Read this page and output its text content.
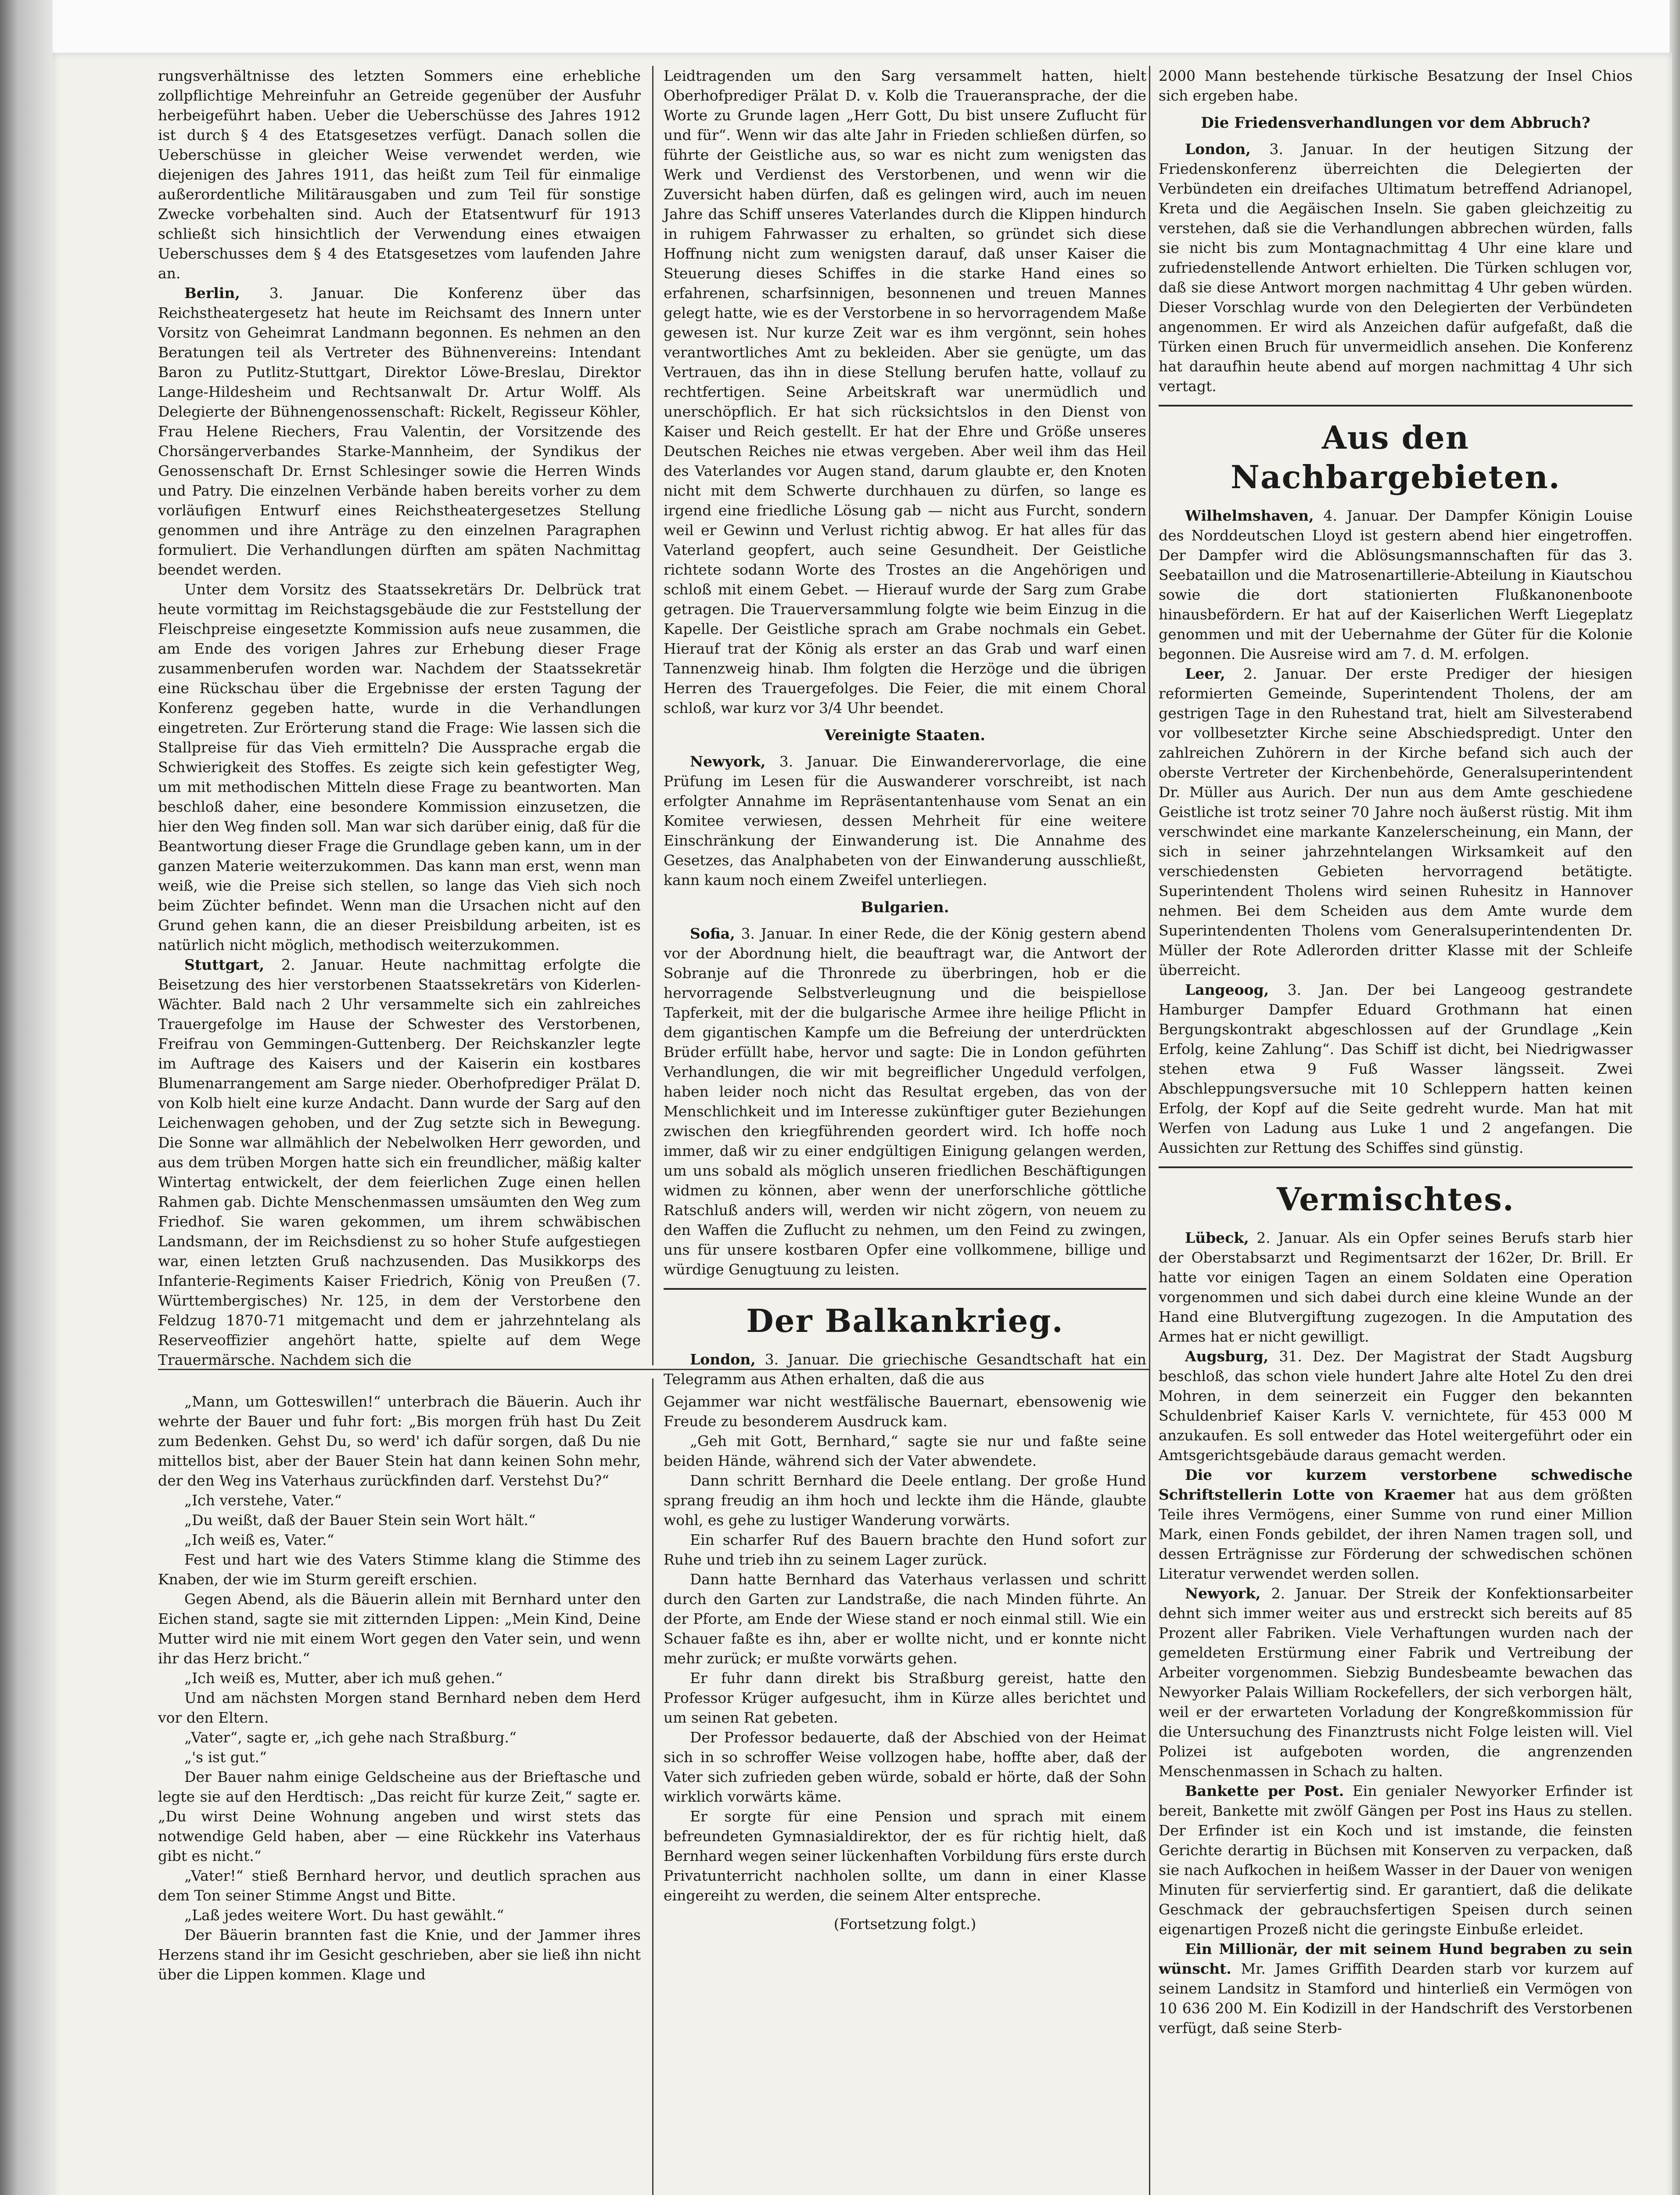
rungsverhältnisse des letzten Sommers eine erhebliche zollpflichtige Mehreinfuhr an Getreide gegenüber der Ausfuhr herbeigeführt haben. Ueber die Ueberschüsse des Jahres 1912 ist durch § 4 des Etatsgesetzes verfügt. Danach sollen die Ueberschüsse in gleicher Weise verwendet werden, wie diejenigen des Jahres 1911, das heißt zum Teil für einmalige außerordentliche Militärausgaben und zum Teil für sonstige Zwecke vorbehalten sind. Auch der Etatsentwurf für 1913 schließt sich hinsichtlich der Verwendung eines etwaigen Ueberschusses dem § 4 des Etatsgesetzes vom laufenden Jahre an.

Berlin, 3. Januar. Die Konferenz über das Reichstheatergesetz hat heute im Reichsamt des Innern unter Vorsitz von Geheimrat Landmann begonnen. Es nehmen an den Beratungen teil als Vertreter des Bühnenvereins: Intendant Baron zu Putlitz-Stuttgart, Direktor Löwe-Breslau, Direktor Lange-Hildesheim und Rechtsanwalt Dr. Artur Wolff. Als Delegierte der Bühnengenossenschaft: Rickelt, Regisseur Köhler, Frau Helene Riechers, Frau Valentin, der Vorsitzende des Chorsängerverbandes Starke-Mannheim, der Syndikus der Genossenschaft Dr. Ernst Schlesinger sowie die Herren Winds und Patry. Die einzelnen Verbände haben bereits vorher zu dem vorläufigen Entwurf eines Reichstheatergesetzes Stellung genommen und ihre Anträge zu den einzelnen Paragraphen formuliert. Die Verhandlungen dürften am späten Nachmittag beendet werden.

Unter dem Vorsitz des Staatssekretärs Dr. Delbrück trat heute vormittag im Reichstagsgebäude die zur Feststellung der Fleischpreise eingesetzte Kommission aufs neue zusammen, die am Ende des vorigen Jahres zur Erhebung dieser Frage zusammenberufen worden war. Nachdem der Staatssekretär eine Rückschau über die Ergebnisse der ersten Tagung der Konferenz gegeben hatte, wurde in die Verhandlungen eingetreten. Zur Erörterung stand die Frage: Wie lassen sich die Stallpreise für das Vieh ermitteln? Die Aussprache ergab die Schwierigkeit des Stoffes. Es zeigte sich kein gefestigter Weg, um mit methodischen Mitteln diese Frage zu beantworten. Man beschloß daher, eine besondere Kommission einzusetzen, die hier den Weg finden soll. Man war sich darüber einig, daß für die Beantwortung dieser Frage die Grundlage geben kann, um in der ganzen Materie weiterzukommen. Das kann man erst, wenn man weiß, wie die Preise sich stellen, so lange das Vieh sich noch beim Züchter befindet. Wenn man die Ursachen nicht auf den Grund gehen kann, die an dieser Preisbildung arbeiten, ist es natürlich nicht möglich, methodisch weiterzukommen.

Stuttgart, 2. Januar. Heute nachmittag erfolgte die Beisetzung des hier verstorbenen Staatssekretärs von Kiderlen-Wächter. Bald nach 2 Uhr versammelte sich ein zahlreiches Trauergefolge im Hause der Schwester des Verstorbenen, Freifrau von Gemmingen-Guttenberg. Der Reichskanzler legte im Auftrage des Kaisers und der Kaiserin ein kostbares Blumenarrangement am Sarge nieder. Oberhofprediger Prälat D. von Kolb hielt eine kurze Andacht. Dann wurde der Sarg auf den Leichenwagen gehoben, und der Zug setzte sich in Bewegung. Die Sonne war allmählich der Nebelwolken Herr geworden, und aus dem trüben Morgen hatte sich ein freundlicher, mäßig kalter Wintertag entwickelt, der dem feierlichen Zuge einen hellen Rahmen gab. Dichte Menschenmassen umsäumten den Weg zum Friedhof. Sie waren gekommen, um ihrem schwäbischen Landsmann, der im Reichsdienst zu so hoher Stufe aufgestiegen war, einen letzten Gruß nachzusenden. Das Musikkorps des Infanterie-Regiments Kaiser Friedrich, König von Preußen (7. Württembergisches) Nr. 125, in dem der Verstorbene den Feldzug 1870-71 mitgemacht und dem er jahrzehntelang als Reserveoffizier angehört hatte, spielte auf dem Wege Trauermärsche. Nachdem sich die

Leidtragenden um den Sarg versammelt hatten, hielt Oberhofprediger Prälat D. v. Kolb die Traueransprache, der die Worte zu Grunde lagen „Herr Gott, Du bist unsere Zuflucht für und für“. Wenn wir das alte Jahr in Frieden schließen dürfen, so führte der Geistliche aus, so war es nicht zum wenigsten das Werk und Verdienst des Verstorbenen, und wenn wir die Zuversicht haben dürfen, daß es gelingen wird, auch im neuen Jahre das Schiff unseres Vaterlandes durch die Klippen hindurch in ruhigem Fahrwasser zu erhalten, so gründet sich diese Hoffnung nicht zum wenigsten darauf, daß unser Kaiser die Steuerung dieses Schiffes in die starke Hand eines so erfahrenen, scharfsinnigen, besonnenen und treuen Mannes gelegt hatte, wie es der Verstorbene in so hervorragendem Maße gewesen ist. Nur kurze Zeit war es ihm vergönnt, sein hohes verantwortliches Amt zu bekleiden. Aber sie genügte, um das Vertrauen, das ihn in diese Stellung berufen hatte, vollauf zu rechtfertigen. Seine Arbeitskraft war unermüdlich und unerschöpflich. Er hat sich rücksichtslos in den Dienst von Kaiser und Reich gestellt. Er hat der Ehre und Größe unseres Deutschen Reiches nie etwas vergeben. Aber weil ihm das Heil des Vaterlandes vor Augen stand, darum glaubte er, den Knoten nicht mit dem Schwerte durchhauen zu dürfen, so lange es irgend eine friedliche Lösung gab — nicht aus Furcht, sondern weil er Gewinn und Verlust richtig abwog. Er hat alles für das Vaterland geopfert, auch seine Gesundheit. Der Geistliche richtete sodann Worte des Trostes an die Angehörigen und schloß mit einem Gebet. — Hierauf wurde der Sarg zum Grabe getragen. Die Trauerversammlung folgte wie beim Einzug in die Kapelle. Der Geistliche sprach am Grabe nochmals ein Gebet. Hierauf trat der König als erster an das Grab und warf einen Tannenzweig hinab. Ihm folgten die Herzöge und die übrigen Herren des Trauergefolges. Die Feier, die mit einem Choral schloß, war kurz vor 3/4 Uhr beendet.

Vereinigte Staaten.

Newyork, 3. Januar. Die Einwanderervorlage, die eine Prüfung im Lesen für die Auswanderer vorschreibt, ist nach erfolgter Annahme im Repräsentantenhause vom Senat an ein Komitee verwiesen, dessen Mehrheit für eine weitere Einschränkung der Einwanderung ist. Die Annahme des Gesetzes, das Analphabeten von der Einwanderung ausschließt, kann kaum noch einem Zweifel unterliegen.

Bulgarien.

Sofia, 3. Januar. In einer Rede, die der König gestern abend vor der Abordnung hielt, die beauftragt war, die Antwort der Sobranje auf die Thronrede zu überbringen, hob er die hervorragende Selbstverleugnung und die beispiellose Tapferkeit, mit der die bulgarische Armee ihre heilige Pflicht in dem gigantischen Kampfe um die Befreiung der unterdrückten Brüder erfüllt habe, hervor und sagte: Die in London geführten Verhandlungen, die wir mit begreiflicher Ungeduld verfolgen, haben leider noch nicht das Resultat ergeben, das von der Menschlichkeit und im Interesse zukünftiger guter Beziehungen zwischen den kriegführenden geordert wird. Ich hoffe noch immer, daß wir zu einer endgültigen Einigung gelangen werden, um uns sobald als möglich unseren friedlichen Beschäftigungen widmen zu können, aber wenn der unerforschliche göttliche Ratschluß anders will, werden wir nicht zögern, von neuem zu den Waffen die Zuflucht zu nehmen, um den Feind zu zwingen, uns für unsere kostbaren Opfer eine vollkommene, billige und würdige Genugtuung zu leisten.

Der Balkankrieg.

London, 3. Januar. Die griechische Gesandtschaft hat ein Telegramm aus Athen erhalten, daß die aus

2000 Mann bestehende türkische Besatzung der Insel Chios sich ergeben habe.

Die Friedensverhandlungen vor dem Abbruch?

London, 3. Januar. In der heutigen Sitzung der Friedenskonferenz überreichten die Delegierten der Verbündeten ein dreifaches Ultimatum betreffend Adrianopel, Kreta und die Aegäischen Inseln. Sie gaben gleichzeitig zu verstehen, daß sie die Verhandlungen abbrechen würden, falls sie nicht bis zum Montagnachmittag 4 Uhr eine klare und zufriedenstellende Antwort erhielten. Die Türken schlugen vor, daß sie diese Antwort morgen nachmittag 4 Uhr geben würden. Dieser Vorschlag wurde von den Delegierten der Verbündeten angenommen. Er wird als Anzeichen dafür aufgefaßt, daß die Türken einen Bruch für unvermeidlich ansehen. Die Konferenz hat daraufhin heute abend auf morgen nachmittag 4 Uhr sich vertagt.

Aus den Nachbargebieten.

Wilhelmshaven, 4. Januar. Der Dampfer Königin Louise des Norddeutschen Lloyd ist gestern abend hier eingetroffen. Der Dampfer wird die Ablösungsmannschaften für das 3. Seebataillon und die Matrosenartillerie-Abteilung in Kiautschou sowie die dort stationierten Flußkanonenboote hinausbefördern. Er hat auf der Kaiserlichen Werft Liegeplatz genommen und mit der Uebernahme der Güter für die Kolonie begonnen. Die Ausreise wird am 7. d. M. erfolgen.

Leer, 2. Januar. Der erste Prediger der hiesigen reformierten Gemeinde, Superintendent Tholens, der am gestrigen Tage in den Ruhestand trat, hielt am Silvesterabend vor vollbesetzter Kirche seine Abschiedspredigt. Unter den zahlreichen Zuhörern in der Kirche befand sich auch der oberste Vertreter der Kirchenbehörde, Generalsuperintendent Dr. Müller aus Aurich. Der nun aus dem Amte geschiedene Geistliche ist trotz seiner 70 Jahre noch äußerst rüstig. Mit ihm verschwindet eine markante Kanzelerscheinung, ein Mann, der sich in seiner jahrzehntelangen Wirksamkeit auf den verschiedensten Gebieten hervorragend betätigte. Superintendent Tholens wird seinen Ruhesitz in Hannover nehmen. Bei dem Scheiden aus dem Amte wurde dem Superintendenten Tholens vom Generalsuperintendenten Dr. Müller der Rote Adlerorden dritter Klasse mit der Schleife überreicht.

Langeoog, 3. Jan. Der bei Langeoog gestrandete Hamburger Dampfer Eduard Grothmann hat einen Bergungskontrakt abgeschlossen auf der Grundlage „Kein Erfolg, keine Zahlung“. Das Schiff ist dicht, bei Niedrigwasser stehen etwa 9 Fuß Wasser längsseit. Zwei Abschleppungsversuche mit 10 Schleppern hatten keinen Erfolg, der Kopf auf die Seite gedreht wurde. Man hat mit Werfen von Ladung aus Luke 1 und 2 angefangen. Die Aussichten zur Rettung des Schiffes sind günstig.

Vermischtes.

Lübeck, 2. Januar. Als ein Opfer seines Berufs starb hier der Oberstabsarzt und Regimentsarzt der 162er, Dr. Brill. Er hatte vor einigen Tagen an einem Soldaten eine Operation vorgenommen und sich dabei durch eine kleine Wunde an der Hand eine Blutvergiftung zugezogen. In die Amputation des Armes hat er nicht gewilligt.

Augsburg, 31. Dez. Der Magistrat der Stadt Augsburg beschloß, das schon viele hundert Jahre alte Hotel Zu den drei Mohren, in dem seinerzeit ein Fugger den bekannten Schuldenbrief Kaiser Karls V. vernichtete, für 453 000 M anzukaufen. Es soll entweder das Hotel weitergeführt oder ein Amtsgerichtsgebäude daraus gemacht werden.

Die vor kurzem verstorbene schwedische Schriftstellerin Lotte von Kraemer hat aus dem größten Teile ihres Vermögens, einer Summe von rund einer Million Mark, einen Fonds gebildet, der ihren Namen tragen soll, und dessen Erträgnisse zur Förderung der schwedischen schönen Literatur verwendet werden sollen.

Newyork, 2. Januar. Der Streik der Konfektionsarbeiter dehnt sich immer weiter aus und erstreckt sich bereits auf 85 Prozent aller Fabriken. Viele Verhaftungen wurden nach der gemeldeten Erstürmung einer Fabrik und Vertreibung der Arbeiter vorgenommen. Siebzig Bundesbeamte bewachen das Newyorker Palais William Rockefellers, der sich verborgen hält, weil er der erwarteten Vorladung der Kongreßkommission für die Untersuchung des Finanztrusts nicht Folge leisten will. Viel Polizei ist aufgeboten worden, die angrenzenden Menschenmassen in Schach zu halten.

Bankette per Post. Ein genialer Newyorker Erfinder ist bereit, Bankette mit zwölf Gängen per Post ins Haus zu stellen. Der Erfinder ist ein Koch und ist imstande, die feinsten Gerichte derartig in Büchsen mit Konserven zu verpacken, daß sie nach Aufkochen in heißem Wasser in der Dauer von wenigen Minuten für servierfertig sind. Er garantiert, daß die delikate Geschmack der gebrauchsfertigen Speisen durch seinen eigenartigen Prozeß nicht die geringste Einbuße erleidet.

Ein Millionär, der mit seinem Hund begraben zu sein wünscht. Mr. James Griffith Dearden starb vor kurzem auf seinem Landsitz in Stamford und hinterließ ein Vermögen von 10 636 200 M. Ein Kodizill in der Handschrift des Verstorbenen verfügt, daß seine Sterb-

„Mann, um Gotteswillen!“ unterbrach die Bäuerin. Auch ihr wehrte der Bauer und fuhr fort: „Bis morgen früh hast Du Zeit zum Bedenken. Gehst Du, so werd' ich dafür sorgen, daß Du nie mittellos bist, aber der Bauer Stein hat dann keinen Sohn mehr, der den Weg ins Vaterhaus zurückfinden darf. Verstehst Du?“

„Ich verstehe, Vater.“

„Du weißt, daß der Bauer Stein sein Wort hält.“

„Ich weiß es, Vater.“

Fest und hart wie des Vaters Stimme klang die Stimme des Knaben, der wie im Sturm gereift erschien.

Gegen Abend, als die Bäuerin allein mit Bernhard unter den Eichen stand, sagte sie mit zitternden Lippen: „Mein Kind, Deine Mutter wird nie mit einem Wort gegen den Vater sein, und wenn ihr das Herz bricht.“

„Ich weiß es, Mutter, aber ich muß gehen.“

Und am nächsten Morgen stand Bernhard neben dem Herd vor den Eltern.

„Vater“, sagte er, „ich gehe nach Straßburg.“

„'s ist gut.“

Der Bauer nahm einige Geldscheine aus der Brieftasche und legte sie auf den Herdtisch: „Das reicht für kurze Zeit,“ sagte er. „Du wirst Deine Wohnung angeben und wirst stets das notwendige Geld haben, aber — eine Rückkehr ins Vaterhaus gibt es nicht.“

„Vater!“ stieß Bernhard hervor, und deutlich sprachen aus dem Ton seiner Stimme Angst und Bitte.

„Laß jedes weitere Wort. Du hast gewählt.“

Der Bäuerin brannten fast die Knie, und der Jammer ihres Herzens stand ihr im Gesicht geschrieben, aber sie ließ ihn nicht über die Lippen kommen. Klage und

Gejammer war nicht westfälische Bauernart, ebensowenig wie Freude zu besonderem Ausdruck kam.

„Geh mit Gott, Bernhard,“ sagte sie nur und faßte seine beiden Hände, während sich der Vater abwendete.

Dann schritt Bernhard die Deele entlang. Der große Hund sprang freudig an ihm hoch und leckte ihm die Hände, glaubte wohl, es gehe zu lustiger Wanderung vorwärts.

Ein scharfer Ruf des Bauern brachte den Hund sofort zur Ruhe und trieb ihn zu seinem Lager zurück.

Dann hatte Bernhard das Vaterhaus verlassen und schritt durch den Garten zur Landstraße, die nach Minden führte. An der Pforte, am Ende der Wiese stand er noch einmal still. Wie ein Schauer faßte es ihn, aber er wollte nicht, und er konnte nicht mehr zurück; er mußte vorwärts gehen.

Er fuhr dann direkt bis Straßburg gereist, hatte den Professor Krüger aufgesucht, ihm in Kürze alles berichtet und um seinen Rat gebeten.

Der Professor bedauerte, daß der Abschied von der Heimat sich in so schroffer Weise vollzogen habe, hoffte aber, daß der Vater sich zufrieden geben würde, sobald er hörte, daß der Sohn wirklich vorwärts käme.

Er sorgte für eine Pension und sprach mit einem befreundeten Gymnasialdirektor, der es für richtig hielt, daß Bernhard wegen seiner lückenhaften Vorbildung fürs erste durch Privatunterricht nachholen sollte, um dann in einer Klasse eingereiht zu werden, die seinem Alter entspreche.

(Fortsetzung folgt.)
